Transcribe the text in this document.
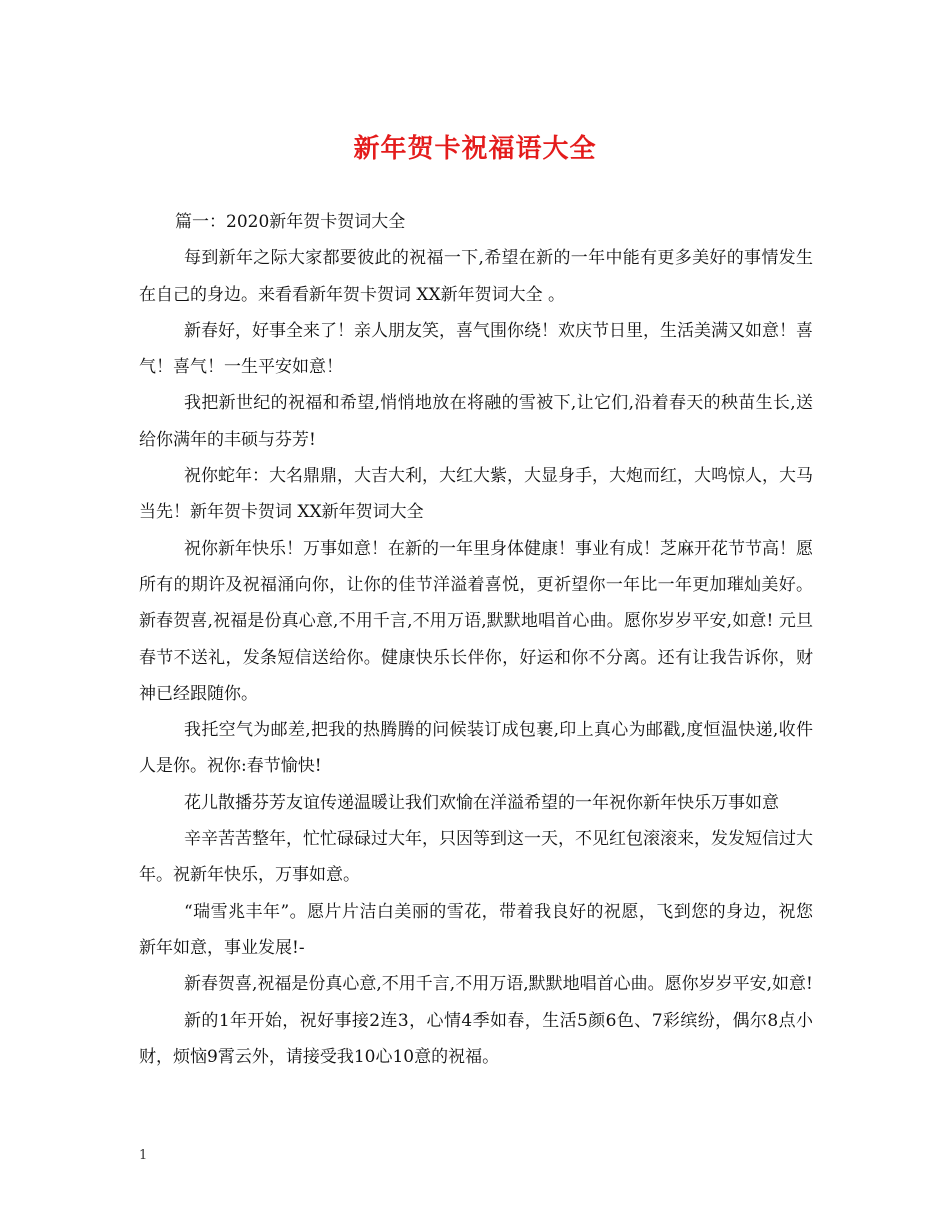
新年贺卡祝福语大全

篇一：2020新年贺卡贺词大全

每到新年之际大家都要彼此的祝福一下,希望在新的一年中能有更多美好的事情发生在自己的身边。来看看新年贺卡贺词 XX新年贺词大全 。

新春好，好事全来了！亲人朋友笑，喜气围你绕！欢庆节日里，生活美满又如意！喜气！喜气！一生平安如意！

我把新世纪的祝福和希望,悄悄地放在将融的雪被下,让它们,沿着春天的秧苗生长,送给你满年的丰硕与芬芳!

祝你蛇年：大名鼎鼎，大吉大利，大红大紫，大显身手，大炮而红，大鸣惊人，大马当先！新年贺卡贺词 XX新年贺词大全

祝你新年快乐！万事如意！在新的一年里身体健康！事业有成！芝麻开花节节高！愿所有的期许及祝福涌向你，让你的佳节洋溢着喜悦，更祈望你一年比一年更加璀灿美好。 新春贺喜,祝福是份真心意,不用千言,不用万语,默默地唱首心曲。愿你岁岁平安,如意! 元旦春节不送礼，发条短信送给你。健康快乐长伴你，好运和你不分离。还有让我告诉你，财神已经跟随你。

我托空气为邮差,把我的热腾腾的问候装订成包裹,印上真心为邮戳,度恒温快递,收件人是你。祝你:春节愉快!

花儿散播芬芳友谊传递温暖让我们欢愉在洋溢希望的一年祝你新年快乐万事如意

辛辛苦苦整年，忙忙碌碌过大年，只因等到这一天，不见红包滚滚来，发发短信过大年。祝新年快乐，万事如意。

“瑞雪兆丰年”。愿片片洁白美丽的雪花，带着我良好的祝愿，飞到您的身边，祝您新年如意，事业发展!-

新春贺喜,祝福是份真心意,不用千言,不用万语,默默地唱首心曲。愿你岁岁平安,如意!

新的1年开始，祝好事接2连3，心情4季如春，生活5颜6色、7彩缤纷，偶尔8点小财，烦恼9霄云外，请接受我10心10意的祝福。

1
